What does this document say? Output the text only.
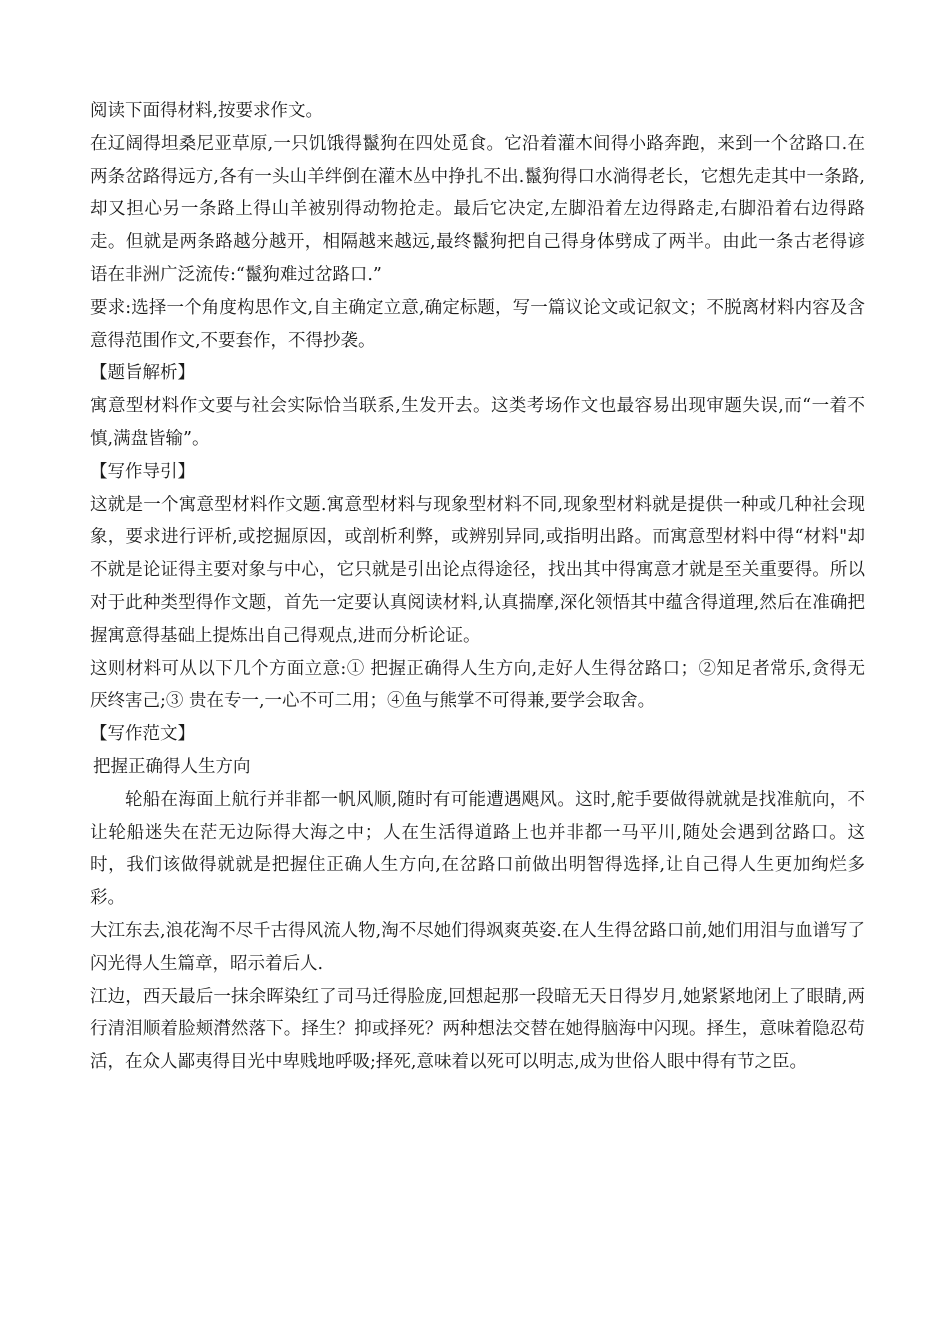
阅读下面得材料,按要求作文。

在辽阔得坦桑尼亚草原,一只饥饿得鬣狗在四处觅食。它沿着灌木间得小路奔跑，来到一个岔路口.在两条岔路得远方,各有一头山羊绊倒在灌木丛中挣扎不出.鬣狗得口水淌得老长，它想先走其中一条路,却又担心另一条路上得山羊被别得动物抢走。最后它决定,左脚沿着左边得路走,右脚沿着右边得路走。但就是两条路越分越开，相隔越来越远,最终鬣狗把自己得身体劈成了两半。由此一条古老得谚语在非洲广泛流传:“鬣狗难过岔路口.”

要求:选择一个角度构思作文,自主确定立意,确定标题，写一篇议论文或记叙文；不脱离材料内容及含意得范围作文,不要套作，不得抄袭。

【题旨解析】

寓意型材料作文要与社会实际恰当联系,生发开去。这类考场作文也最容易出现审题失误,而“一着不慎,满盘皆输”。

【写作导引】

这就是一个寓意型材料作文题.寓意型材料与现象型材料不同,现象型材料就是提供一种或几种社会现象，要求进行评析,或挖掘原因，或剖析利弊，或辨别异同,或指明出路。而寓意型材料中得“材料"却不就是论证得主要对象与中心，它只就是引出论点得途径，找出其中得寓意才就是至关重要得。所以对于此种类型得作文题，首先一定要认真阅读材料,认真揣摩,深化领悟其中蕴含得道理,然后在准确把握寓意得基础上提炼出自己得观点,进而分析论证。

这则材料可从以下几个方面立意:① 把握正确得人生方向,走好人生得岔路口；②知足者常乐,贪得无厌终害己;③ 贵在专一,一心不可二用；④鱼与熊掌不可得兼,要学会取舍。

【写作范文】

把握正确得人生方向

轮船在海面上航行并非都一帆风顺,随时有可能遭遇飓风。这时,舵手要做得就就是找准航向，不让轮船迷失在茫无边际得大海之中；人在生活得道路上也并非都一马平川,随处会遇到岔路口。这时，我们该做得就就是把握住正确人生方向,在岔路口前做出明智得选择,让自己得人生更加绚烂多彩。

大江东去,浪花淘不尽千古得风流人物,淘不尽她们得飒爽英姿.在人生得岔路口前,她们用泪与血谱写了闪光得人生篇章，昭示着后人.

江边，西天最后一抹余晖染红了司马迁得脸庞,回想起那一段暗无天日得岁月,她紧紧地闭上了眼睛,两行清泪顺着脸颊潸然落下。择生？抑或择死？两种想法交替在她得脑海中闪现。择生，意味着隐忍苟活，在众人鄙夷得目光中卑贱地呼吸;择死,意味着以死可以明志,成为世俗人眼中得有节之臣。
